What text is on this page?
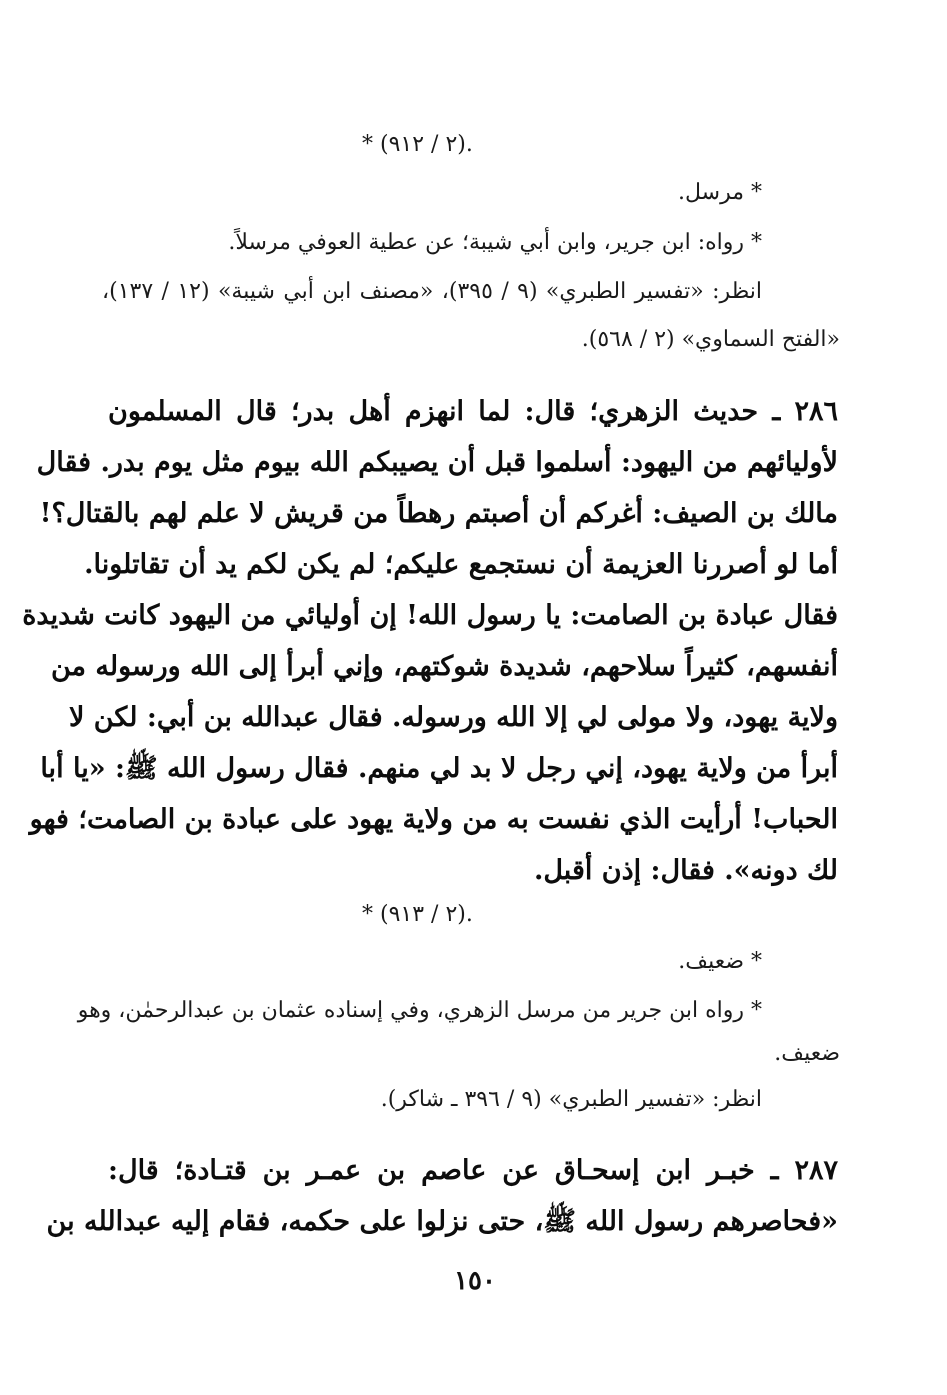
* (٢ / ٩١٢).
* مرسل.
* رواه: ابن جرير، وابن أبي شيبة؛ عن عطية العوفي مرسلاً.
انظر: «تفسير الطبري» (٩ / ٣٩٥)، «مصنف ابن أبي شيبة» (١٢ / ١٣٧)،
«الفتح السماوي» (٢ / ٥٦٨).
٢٨٦ ـ حديث الزهري؛ قال: لما انهزم أهل بدر؛ قال المسلمون
لأوليائهم من اليهود: أسلموا قبل أن يصيبكم الله بيوم مثل يوم بدر. فقال
مالك بن الصيف: أغركم أن أصبتم رهطاً من قريش لا علم لهم بالقتال؟!
أما لو أصررنا العزيمة أن نستجمع عليكم؛ لم يكن لكم يد أن تقاتلونا.
فقال عبادة بن الصامت: يا رسول الله! إن أوليائي من اليهود كانت شديدة
أنفسهم، كثيراً سلاحهم، شديدة شوكتهم، وإني أبرأ إلى الله ورسوله من
ولاية يهود، ولا مولى لي إلا الله ورسوله. فقال عبدالله بن أبي: لكن لا
أبرأ من ولاية يهود، إني رجل لا بد لي منهم. فقال رسول الله ﷺ: «يا أبا
الحباب! أرأيت الذي نفست به من ولاية يهود على عبادة بن الصامت؛ فهو
لك دونه». فقال: إذن أقبل.
* (٢ / ٩١٣).
* ضعيف.
* رواه ابن جرير من مرسل الزهري، وفي إسناده عثمان بن عبدالرحمٰن، وهو
ضعيف.
انظر: «تفسير الطبري» (٩ / ٣٩٦ ـ شاكر).
٢٨٧ ـ خبـر ابن إسحـاق عن عاصم بن عمـر بن قتـادة؛ قال:
«فحاصرهم رسول الله ﷺ، حتى نزلوا على حكمه، فقام إليه عبدالله بن
١٥٠
